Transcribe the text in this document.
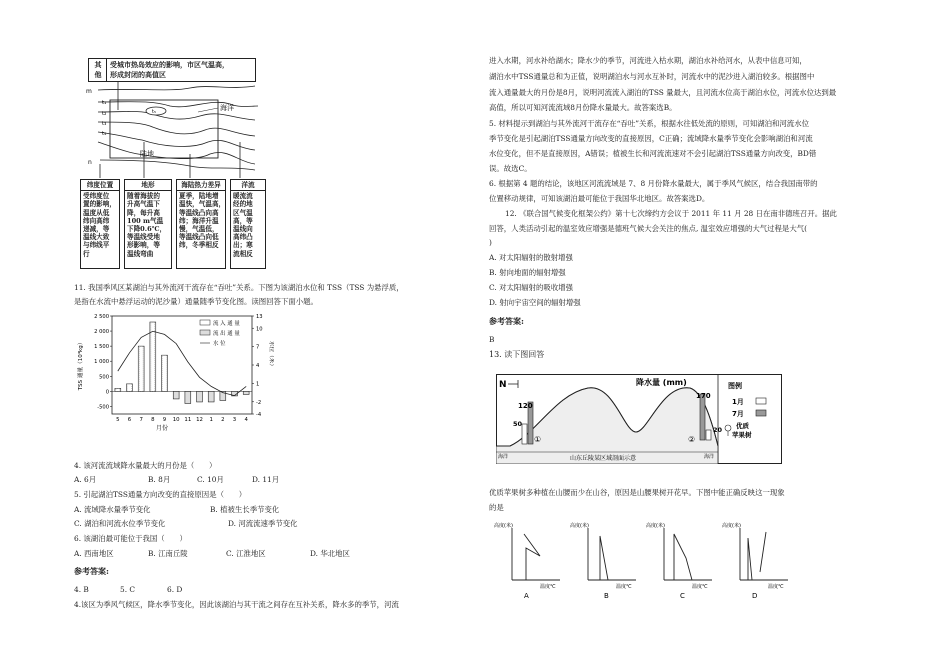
其
他
受城市热岛效应的影响，市区气温高，
形成封闭的高值区
m
t₁
t₂
t₃
t₄
t₅
n
海洋
陆地
纬度位置
受纬度位
置的影响，
温度从低
纬向高纬
递减，等
温线大致
与纬线平
行
地形
随着海拔的
升高气温下
降，每升高
100 m气温
下降0.6℃，
等温线受地
形影响，等
温线弯曲
海陆热力差异
夏季，陆地增
温快，气温高，
等温线凸向高
纬；海洋升温
慢，气温低，
等温线凸向低
纬，冬季相反
洋流
暖流流
经的地
区气温
高，等
温线向
高纬凸
出；寒
流相反
11. 我国季风区某湖泊与其外流河干流存在“吞吐”关系。下图为该湖泊水位和 TSS（TSS 为悬浮质，
是指在水流中悬浮运动的泥沙量）通量随季节变化图。读图回答下面小题。
2 500
2 000
1 500
1 000
500
0
-500
13
10
7
4
1
-2
-4
5 6 7 8 9 10 11 12 1 2 3 4
流 入 通 量
流 出 通 量
水 位
TSS 通量（10⁴kg）	水位（米）
月份
4. 该河流流域降水量最大的月份是（　　）
A. 6月	B. 8月	C. 10月	D. 11月
5. 引起湖泊TSS通量方向改变的直接原因是（　　）
A. 流域降水量季节变化	B. 植被生长季节变化
C. 湖泊和河流水位季节变化	D. 河流流速季节变化
6. 该湖泊最可能位于我国（　　）
A. 西南地区	B. 江南丘陵	C. 江淮地区	D. 华北地区
参考答案:
4. B	5. C	6. D
4.该区为季风气候区，降水季节变化，因此该湖泊与其干流之间存在互补关系，降水多的季节，河流
进入水期，河水补给湖水；降水少的季节，河流进入枯水期，湖泊水补给河水，从表中信息可知，
湖泊水中TSS通量总和为正值，说明湖泊水与河水互补时，河流水中的泥沙进入湖泊较多。根据图中
流入通量最大的月份是8月，说明河流流入湖泊的TSS 量最大，且河流水位高于湖泊水位，河流水位达到最
高值，所以可知河流流域8月份降水量最大。故答案选B。
5. 材料提示到湖泊与其外流河干流存在“吞吐”关系，根据水往低处流的原则，可知湖泊和河流水位
季节变化是引起湖泊TSS通量方向改变的直接原因，C正确；流域降水量季节变化会影响湖泊和河流
水位变化，但不是直接原因，A错误；植被生长和河流流速对不会引起湖泊TSS通量方向改变，BD错
误。故选C。
6. 根据第 4 题的结论，该地区河流流域是 7、8 月份降水量最大，属于季风气候区，结合我国南带的
位置移动规律，可知该湖泊最可能位于我国华北地区。故答案选D。
12. 《联合国气候变化框架公约》第十七次缔约方会议于 2011 年 11 月 28 日在南非德班召开。据此
回答，人类活动引起的温室效应增强是德班气候大会关注的焦点, 温室效应增强的大气过程是大气(
)
A. 对太阳辐射的散射增强
B. 射向地面的辐射增强
C. 对太阳辐射的吸收增强
D. 射向宇宙空间的辐射增强
参考答案:
B
13. 读下图回答
N	降水量 (mm)	图例
1月
7月
优质
苹果树
50
120
170
20
①	②
海洋	海洋
山东丘陵某区域剖面示意
优质苹果树多种植在山腰而少在山谷，原因是山腰果树开花早。下图中能正确反映这一现象
的是
高度(米)
温度℃
A
高度(米)
温度℃
B
高度(米)
温度℃
C
高度(米)
温度℃
D
